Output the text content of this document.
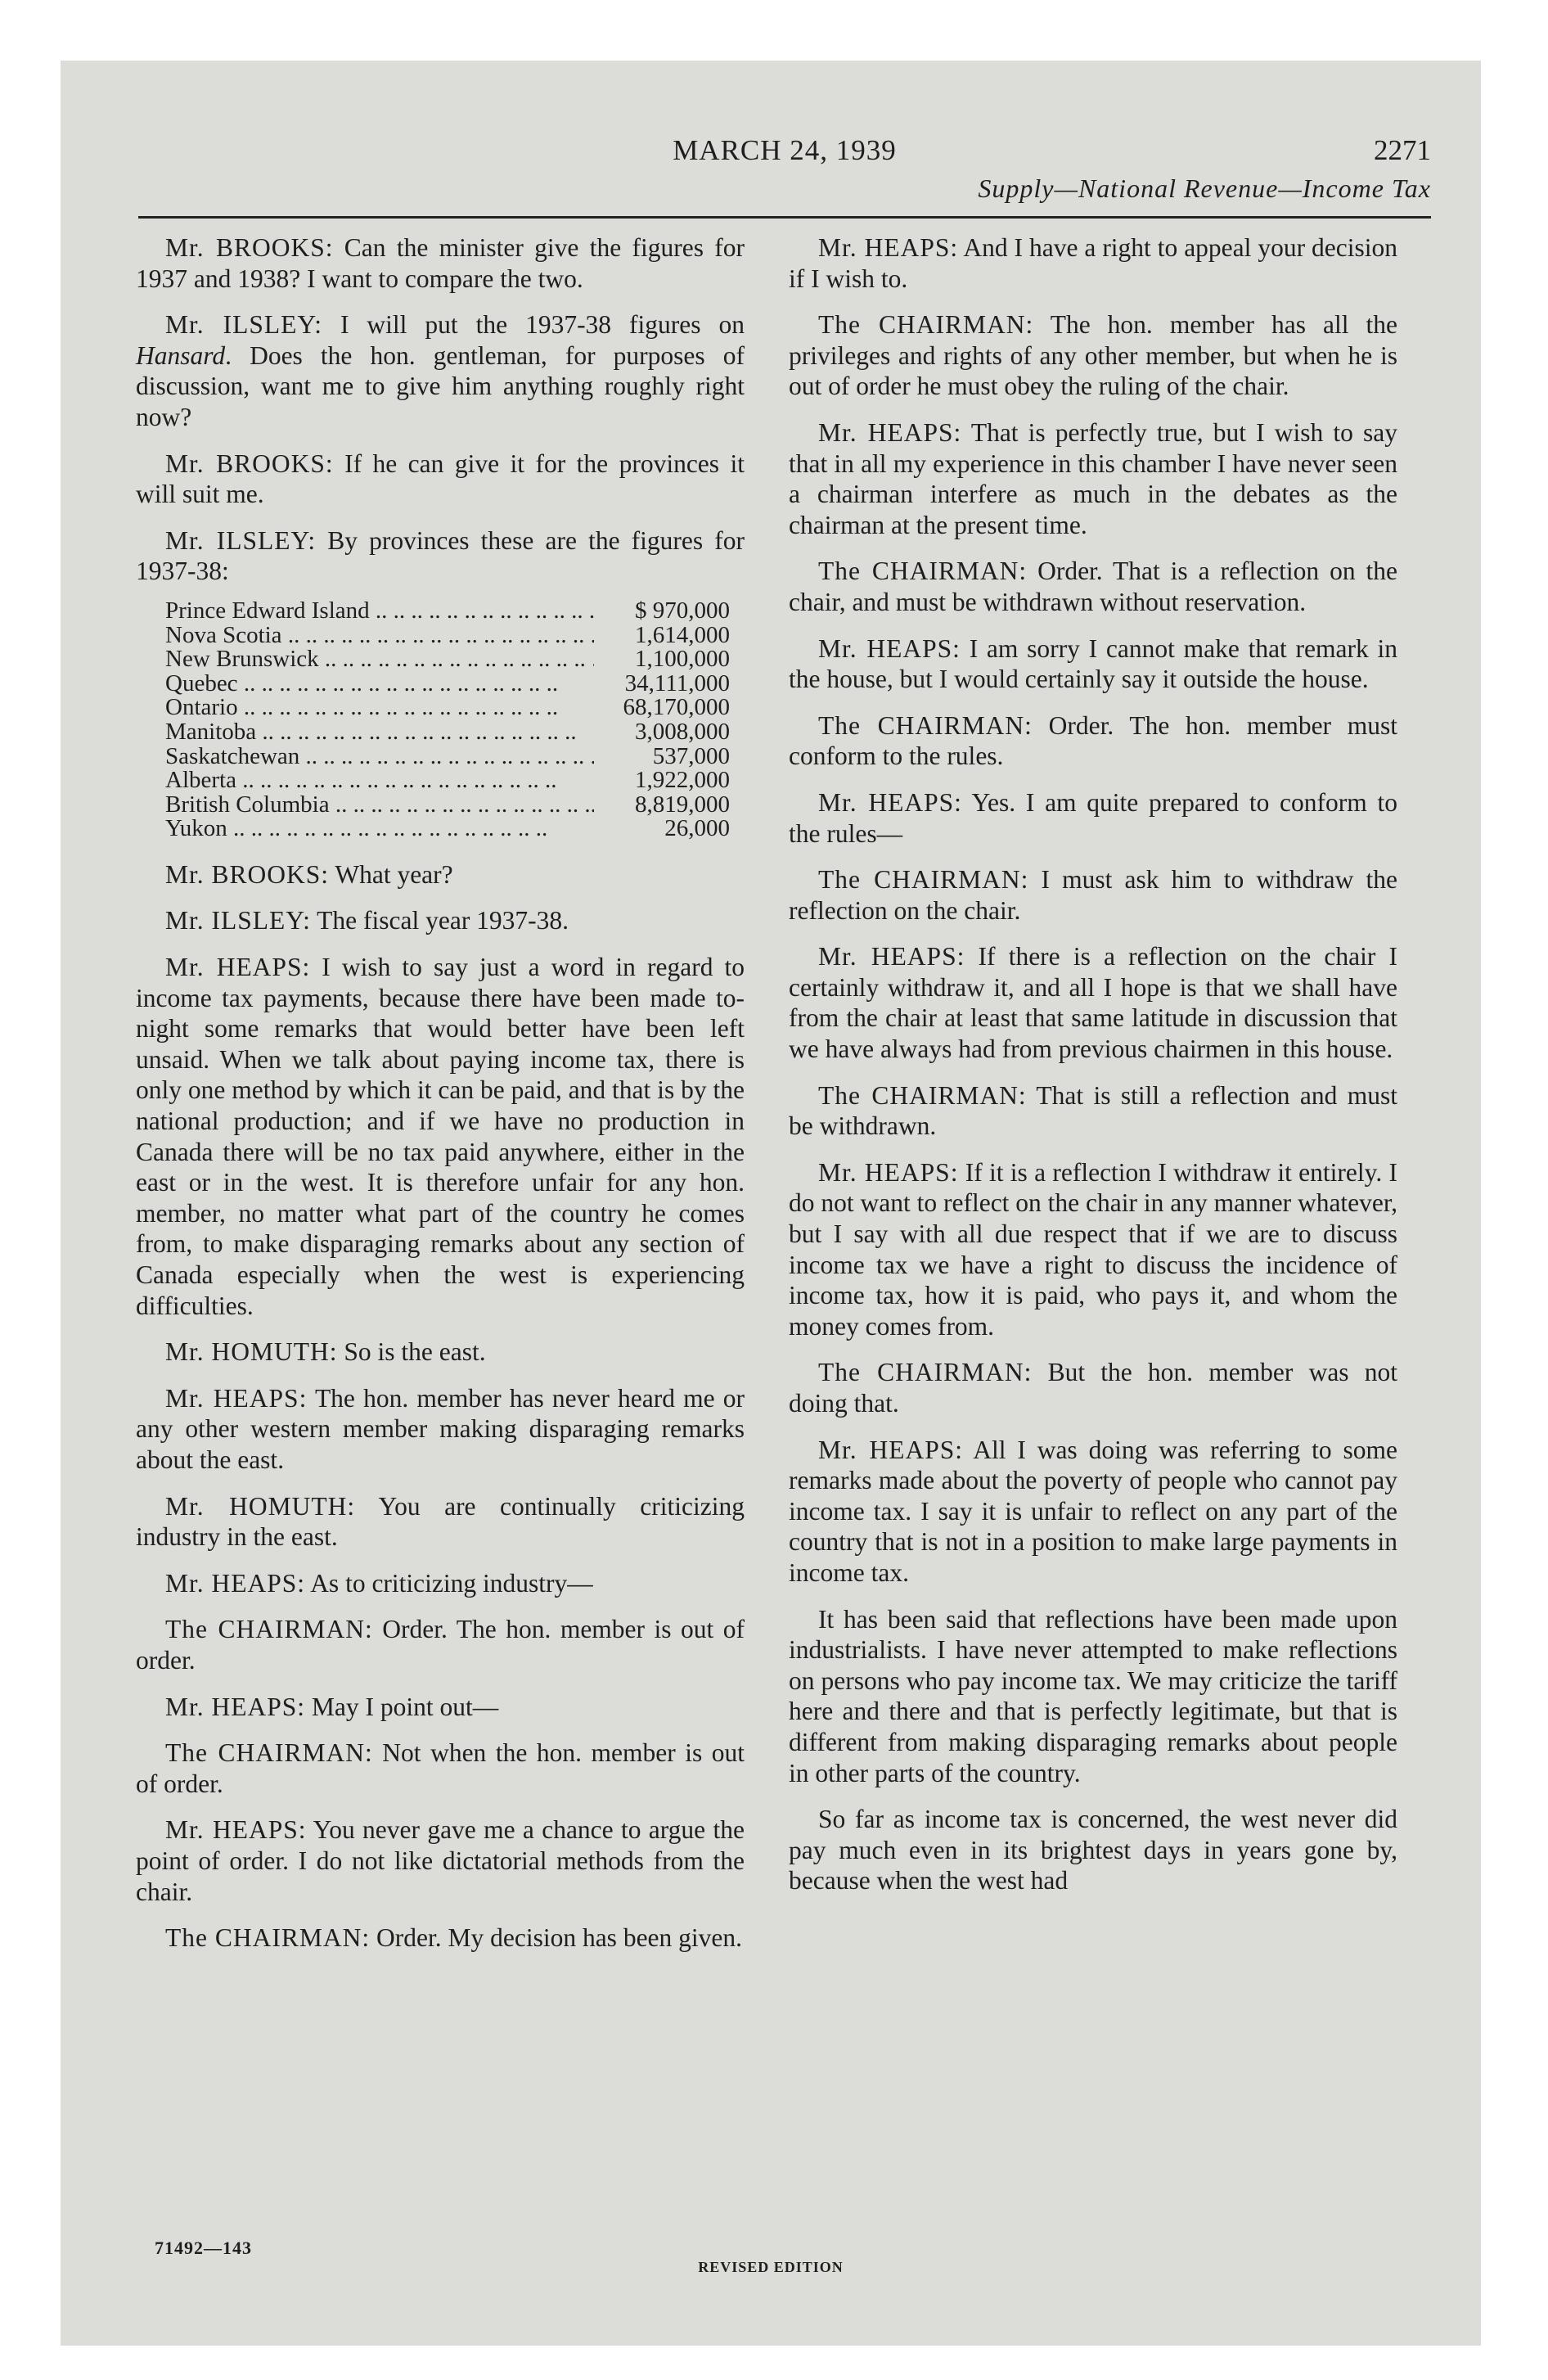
MARCH 24, 1939	2271
Supply—National Revenue—Income Tax

Mr. BROOKS: Can the minister give the figures for 1937 and 1938? I want to compare the two.

Mr. ILSLEY: I will put the 1937-38 figures on Hansard. Does the hon. gentleman, for purposes of discussion, want me to give him anything roughly right now?

Mr. BROOKS: If he can give it for the provinces it will suit me.

Mr. ILSLEY: By provinces these are the figures for 1937-38:

Prince Edward Island .. ..	$ 970,000
Nova Scotia .. ..	1,614,000
New Brunswick .. ..	1,100,000
Quebec .. ..	34,111,000
Ontario .. ..	68,170,000
Manitoba .. ..	3,008,000
Saskatchewan .. ..	537,000
Alberta .. ..	1,922,000
British Columbia .. ..	8,819,000
Yukon .. ..	26,000

Mr. BROOKS: What year?

Mr. ILSLEY: The fiscal year 1937-38.

Mr. HEAPS: I wish to say just a word in regard to income tax payments, because there have been made to-night some remarks that would better have been left unsaid. When we talk about paying income tax, there is only one method by which it can be paid, and that is by the national production; and if we have no production in Canada there will be no tax paid anywhere, either in the east or in the west. It is therefore unfair for any hon. member, no matter what part of the country he comes from, to make disparaging remarks about any section of Canada especially when the west is experiencing difficulties.

Mr. HOMUTH: So is the east.

Mr. HEAPS: The hon. member has never heard me or any other western member making disparaging remarks about the east.

Mr. HOMUTH: You are continually criticizing industry in the east.

Mr. HEAPS: As to criticizing industry—

The CHAIRMAN: Order. The hon. member is out of order.

Mr. HEAPS: May I point out—

The CHAIRMAN: Not when the hon. member is out of order.

Mr. HEAPS: You never gave me a chance to argue the point of order. I do not like dictatorial methods from the chair.

The CHAIRMAN: Order. My decision has been given.

Mr. HEAPS: And I have a right to appeal your decision if I wish to.

The CHAIRMAN: The hon. member has all the privileges and rights of any other member, but when he is out of order he must obey the ruling of the chair.

Mr. HEAPS: That is perfectly true, but I wish to say that in all my experience in this chamber I have never seen a chairman interfere as much in the debates as the chairman at the present time.

The CHAIRMAN: Order. That is a reflection on the chair, and must be withdrawn without reservation.

Mr. HEAPS: I am sorry I cannot make that remark in the house, but I would certainly say it outside the house.

The CHAIRMAN: Order. The hon. member must conform to the rules.

Mr. HEAPS: Yes. I am quite prepared to conform to the rules—

The CHAIRMAN: I must ask him to withdraw the reflection on the chair.

Mr. HEAPS: If there is a reflection on the chair I certainly withdraw it, and all I hope is that we shall have from the chair at least that same latitude in discussion that we have always had from previous chairmen in this house.

The CHAIRMAN: That is still a reflection and must be withdrawn.

Mr. HEAPS: If it is a reflection I withdraw it entirely. I do not want to reflect on the chair in any manner whatever, but I say with all due respect that if we are to discuss income tax we have a right to discuss the incidence of income tax, how it is paid, who pays it, and whom the money comes from.

The CHAIRMAN: But the hon. member was not doing that.

Mr. HEAPS: All I was doing was referring to some remarks made about the poverty of people who cannot pay income tax. I say it is unfair to reflect on any part of the country that is not in a position to make large payments in income tax.

It has been said that reflections have been made upon industrialists. I have never attempted to make reflections on persons who pay income tax. We may criticize the tariff here and there and that is perfectly legitimate, but that is different from making disparaging remarks about people in other parts of the country.

So far as income tax is concerned, the west never did pay much even in its brightest days in years gone by, because when the west had

71492—143
REVISED EDITION
